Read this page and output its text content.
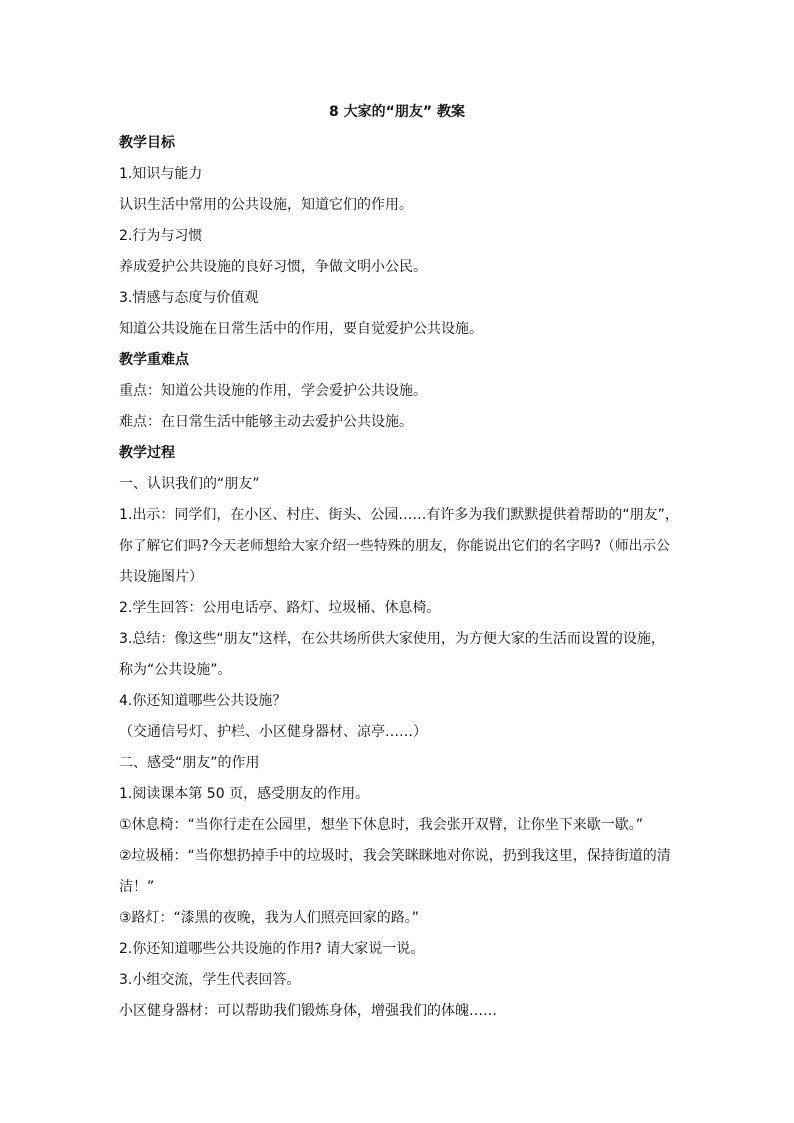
8 大家的“朋友” 教案

教学目标

1.知识与能力

认识生活中常用的公共设施，知道它们的作用。

2.行为与习惯

养成爱护公共设施的良好习惯，争做文明小公民。

3.情感与态度与价值观

知道公共设施在日常生活中的作用，要自觉爱护公共设施。

教学重难点

重点：知道公共设施的作用，学会爱护公共设施。

难点：在日常生活中能够主动去爱护公共设施。

教学过程

一、认识我们的“朋友”

1.出示：同学们，在小区、村庄、街头、公园……有许多为我们默默提供着帮助的“朋友”，

你了解它们吗?今天老师想给大家介绍一些特殊的朋友，你能说出它们的名字吗?（师出示公

共设施图片）

2.学生回答：公用电话亭、路灯、垃圾桶、休息椅。

3.总结：像这些“朋友”这样，在公共场所供大家使用，为方便大家的生活而设置的设施，

称为“公共设施”。

4.你还知道哪些公共设施？

（交通信号灯、护栏、小区健身器材、凉亭……）

二、感受“朋友”的作用

1.阅读课本第 50 页，感受朋友的作用。

①休息椅：“当你行走在公园里，想坐下休息时，我会张开双臂，让你坐下来歇一歇。”

②垃圾桶：“当你想扔掉手中的垃圾时，我会笑眯眯地对你说，扔到我这里，保持街道的清

洁！”

③路灯：“漆黑的夜晚，我为人们照亮回家的路。”

2.你还知道哪些公共设施的作用? 请大家说一说。

3.小组交流，学生代表回答。

小区健身器材：可以帮助我们锻炼身体，增强我们的体魄……
